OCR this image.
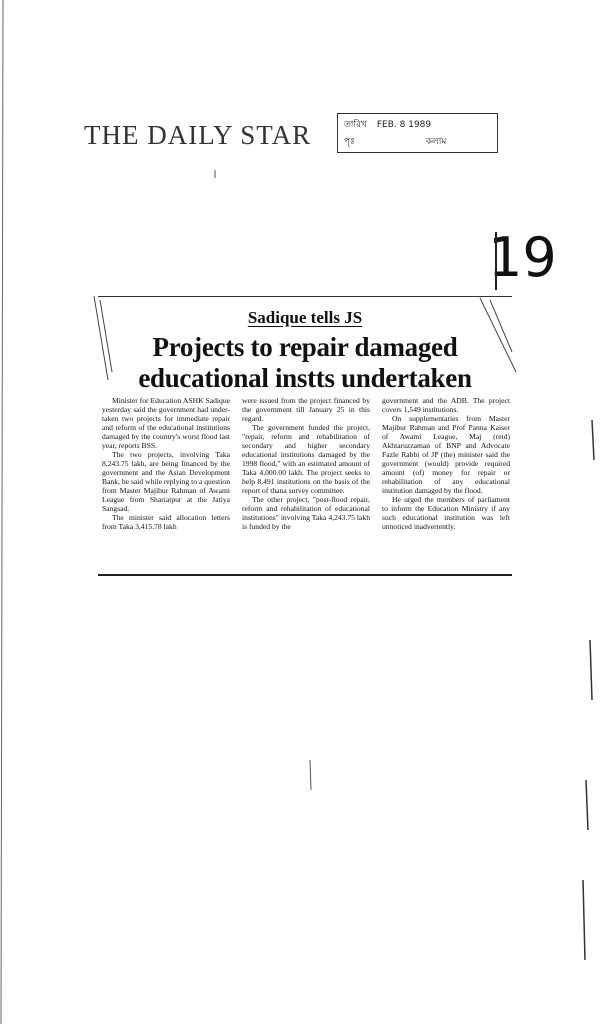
THE DAILY STAR	তারিখ FEB. 8 1989
পৃঃ	কলাম
19
Sadique tells JS
Projects to repair damaged
educational instts undertaken

Minister for Education ASHK Sadique yesterday said the government had under-taken two projects for immediate repair and reform of the educational institutions damaged by the country's worst flood last year, reports BSS.

The two projects, involving Taka 8,243.75 lakh, are being financed by the government and the Asian Development Bank, he said while replying to a question from Master Majibur Rahman of Awami League from Shariatpur at the Jatiya Sangsad.

The minister said allocation letters from Taka 3,415.78 lakh

were issued from the project financed by the government till January 25 in this regard.

The government funded the project, "repair, reform and rehabilitation of secondary and higher secondary educational institutions damaged by the 1998 flood," with an estimated amount of Taka 4,000.00 lakh. The project seeks to help 8,491 institutions on the basis of the report of thana survey committee.

The other project, "post-flood repair, reform and rehabilitation of educational institutions" involving Taka 4,243.75 lakh is funded by the

government and the ADB. The project covers 1,549 institutions.

On supplementaries from Master Majibur Rahman and Prof Panna Kaiser of Awami League, Maj (retd) Akhtaruzzaman of BNP and Advocate Fazle Rabbi of JP (the) minister said the government (would) provide required amount (of) money for repair or rehabilitation of any educational institution damaged by the flood.

He urged the members of parliament to inform the Education Ministry if any such educational institution was left unnoticed inadvertently.
